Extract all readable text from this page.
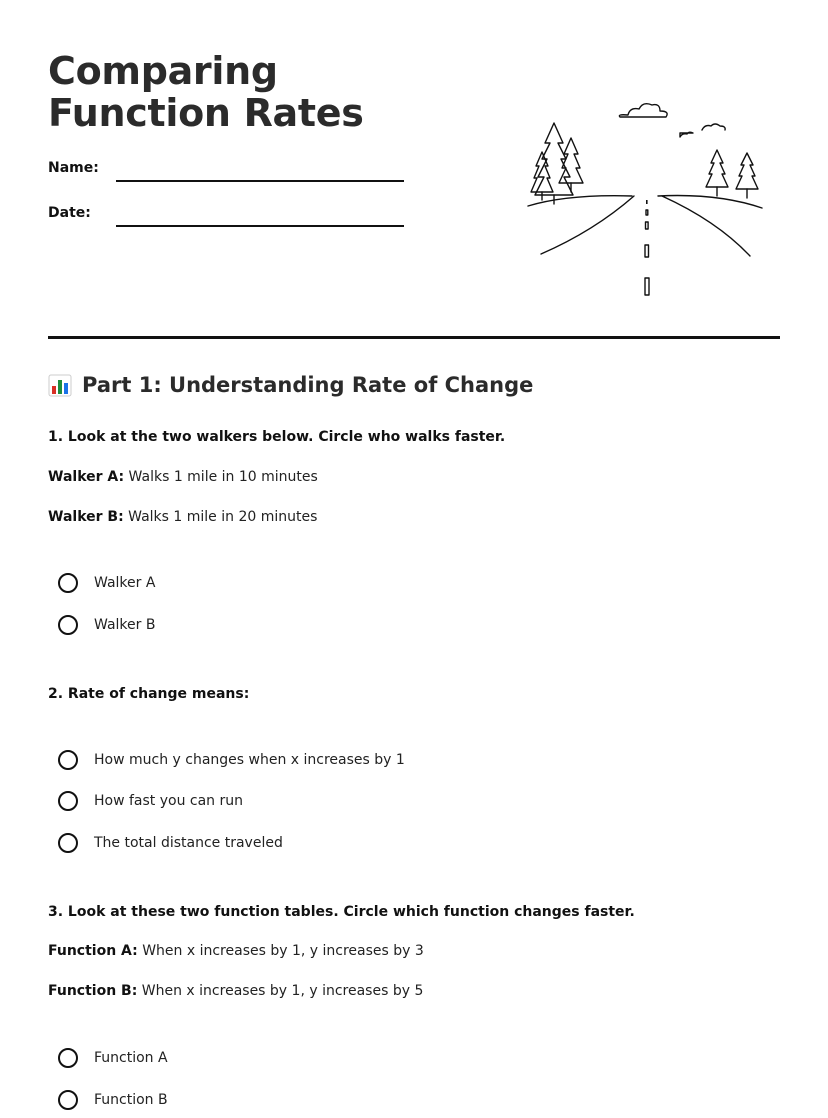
Comparing Function Rates
Name:
Date:
Part 1: Understanding Rate of Change

1. Look at the two walkers below. Circle who walks faster.

Walker A: Walks 1 mile in 10 minutes

Walker B: Walks 1 mile in 20 minutes

Walker A
Walker B

2. Rate of change means:

How much y changes when x increases by 1
How fast you can run
The total distance traveled

3. Look at these two function tables. Circle which function changes faster.

Function A: When x increases by 1, y increases by 3

Function B: When x increases by 1, y increases by 5

Function A
Function B
